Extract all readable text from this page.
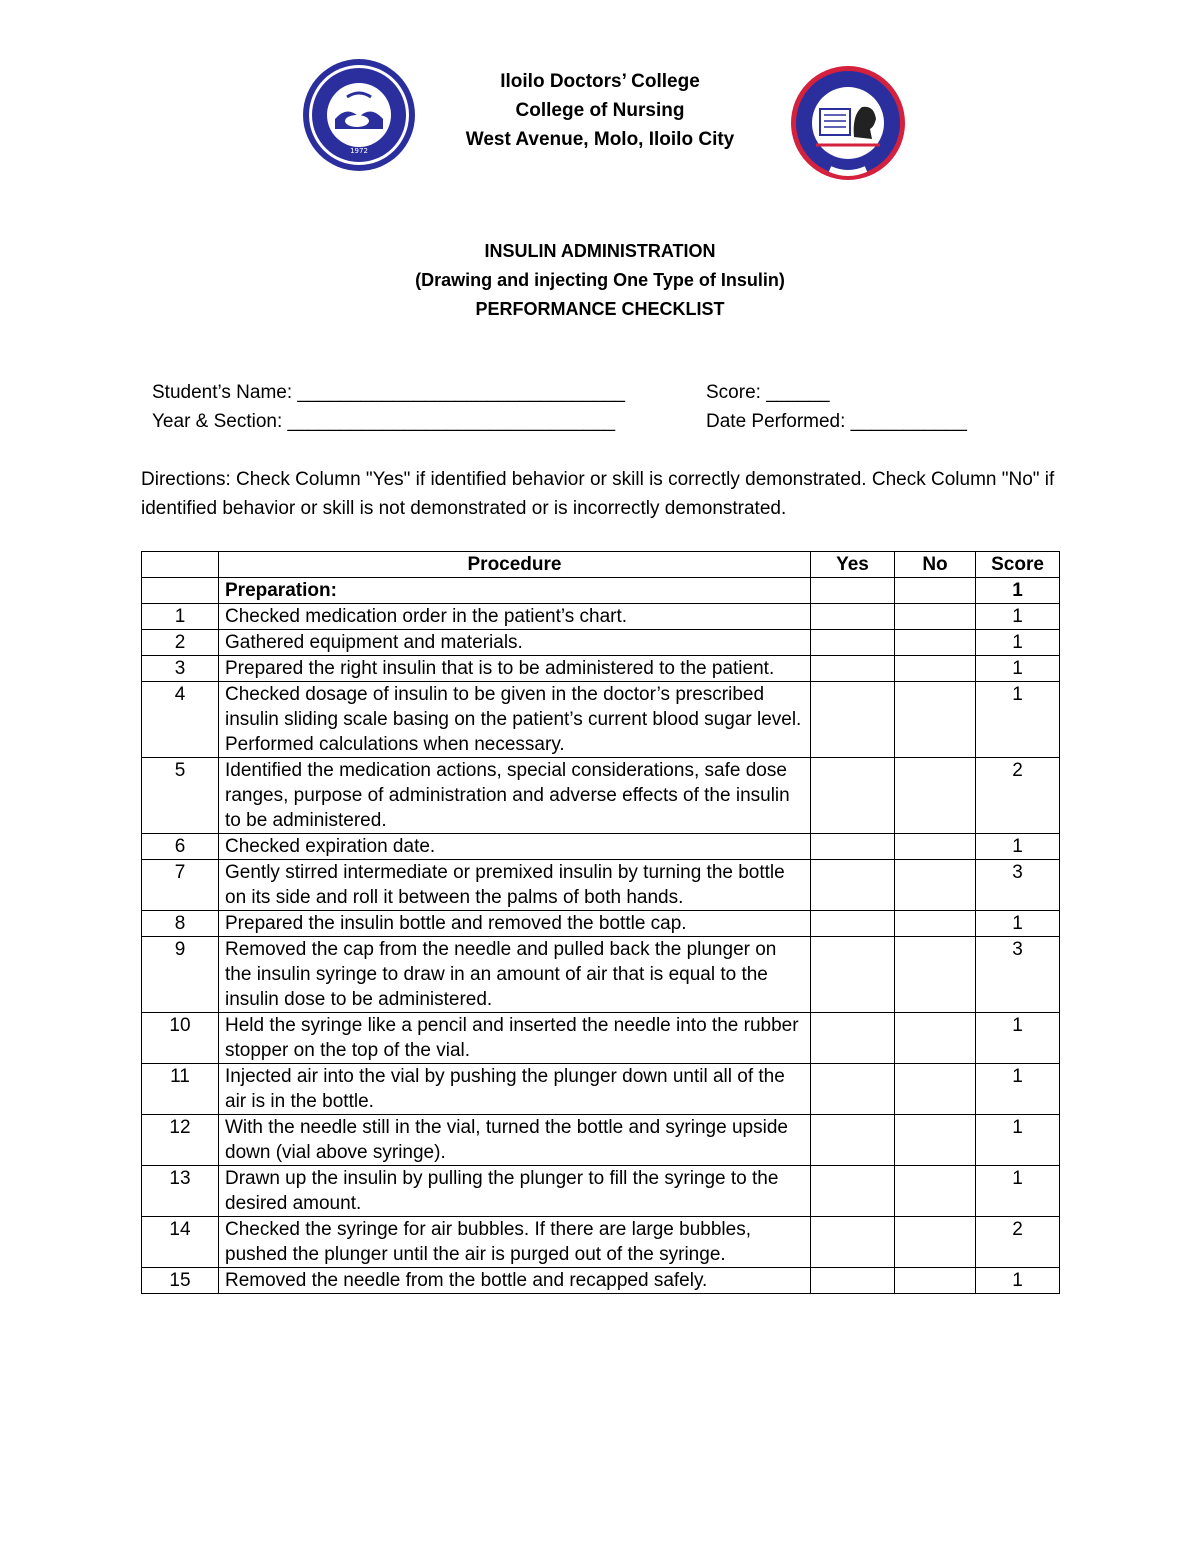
1972
Iloilo Doctors’ College
College of Nursing
West Avenue, Molo, Iloilo City
INSULIN ADMINISTRATION
(Drawing and injecting One Type of Insulin)
PERFORMANCE CHECKLIST
Student’s Name: _______________________________	Score: ______
Year & Section: _______________________________	Date Performed: ___________
Directions: Check Column "Yes" if identified behavior or skill is correctly demonstrated. Check Column "No" if identified behavior or skill is not demonstrated or is incorrectly demonstrated.
	Procedure	Yes	No	Score
	Preparation:			1
1	Checked medication order in the patient’s chart.			1
2	Gathered equipment and materials.			1
3	Prepared the right insulin that is to be administered to the patient.			1
4	Checked dosage of insulin to be given in the doctor’s prescribed insulin sliding scale basing on the patient’s current blood sugar level. Performed calculations when necessary.			1
5	Identified the medication actions, special considerations, safe dose ranges, purpose of administration and adverse effects of the insulin to be administered.			2
6	Checked expiration date.			1
7	Gently stirred intermediate or premixed insulin by turning the bottle on its side and roll it between the palms of both hands.			3
8	Prepared the insulin bottle and removed the bottle cap.			1
9	Removed the cap from the needle and pulled back the plunger on the insulin syringe to draw in an amount of air that is equal to the insulin dose to be administered.			3
10	Held the syringe like a pencil and inserted the needle into the rubber stopper on the top of the vial.			1
11	Injected air into the vial by pushing the plunger down until all of the air is in the bottle.			1
12	With the needle still in the vial, turned the bottle and syringe upside down (vial above syringe).			1
13	Drawn up the insulin by pulling the plunger to fill the syringe to the desired amount.			1
14	Checked the syringe for air bubbles. If there are large bubbles, pushed the plunger until the air is purged out of the syringe.			2
15	Removed the needle from the bottle and recapped safely.			1
